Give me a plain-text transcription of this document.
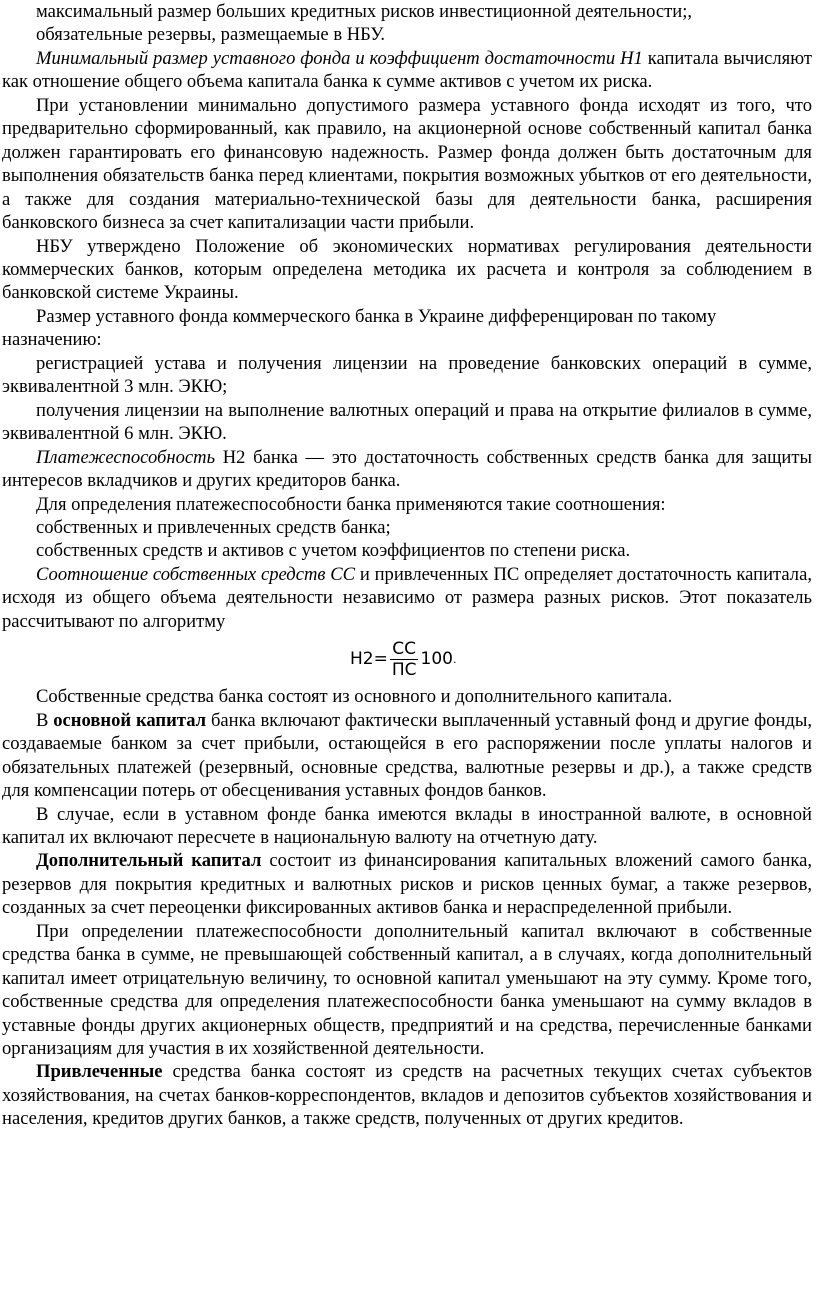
максимальный размер больших кредитных рисков инвестиционной деятельности;,

обязательные резервы, размещаемые в НБУ.

Минимальный размер уставного фонда и коэффициент достаточности Н1 капитала вычисляют как отношение общего объема капитала банка к сумме активов с учетом их риска.

При установлении минимально допустимого размера уставного фонда исходят из того, что предварительно сформированный, как правило, на акционерной основе собственный капитал банка должен гарантировать его финансовую надежность. Размер фонда должен быть достаточным для выполнения обязательств банка перед клиентами, покрытия возможных убытков от его деятельности, а также для создания материально-технической базы для деятельности банка, расширения банковского бизнеса за счет капитализации части прибыли.

НБУ утверждено Положение об экономических нормативах регулирования деятельности коммерческих банков, которым определена методика их расчета и контроля за соблюдением в банковской системе Украины.

Размер уставного фонда коммерческого банка в Украине дифференцирован по такому назначению:

регистрацией устава и получения лицензии на проведение банковских операций в сумме, эквивалентной 3 млн. ЭКЮ;

получения лицензии на выполнение валютных операций и права на открытие филиалов в сумме, эквивалентной 6 млн. ЭКЮ.

Платежеспособность Н2 банка — это достаточность собственных средств банка для защиты интересов вкладчиков и других кредиторов банка.

Для определения платежеспособности банка применяются такие соотношения:

собственных и привлеченных средств банка;

собственных средств и активов с учетом коэффициентов по степени риска.

Соотношение собственных средств СС и привлеченных ПС определяет достаточность капитала, исходя из общего объема деятельности независимо от размера разных рисков. Этот показатель рассчитывают по алгоритму

$Н2= \frac{СС}{ПС} 100$ .

Собственные средства банка состоят из основного и дополнительного капитала.

В основной капитал банка включают фактически выплаченный уставный фонд и другие фонды, создаваемые банком за счет прибыли, остающейся в его распоряжении после уплаты налогов и обязательных платежей (резервный, основные средства, валютные резервы и др.), а также средств для компенсации потерь от обесценивания уставных фондов банков.

В случае, если в уставном фонде банка имеются вклады в иностранной валюте, в основной капитал их включают пересчете в национальную валюту на отчетную дату.

Дополнительный капитал состоит из финансирования капитальных вложений самого банка, резервов для покрытия кредитных и валютных рисков и рисков ценных бумаг, а также резервов, созданных за счет переоценки фиксированных активов банка и нераспределенной прибыли.

При определении платежеспособности дополнительный капитал включают в собственные средства банка в сумме, не превышающей собственный капитал, а в случаях, когда дополнительный капитал имеет отрицательную величину, то основной капитал уменьшают на эту сумму. Кроме того, собственные средства для определения платежеспособности банка уменьшают на сумму вкладов в уставные фонды других акционерных обществ, предприятий и на средства, перечисленные банками организациям для участия в их хозяйственной деятельности.

Привлеченные средства банка состоят из средств на расчетных текущих счетах субъектов хозяйствования, на счетах банков-корреспондентов, вкладов и депозитов субъектов хозяйствования и населения, кредитов других банков, а также средств, полученных от других кредитов.
